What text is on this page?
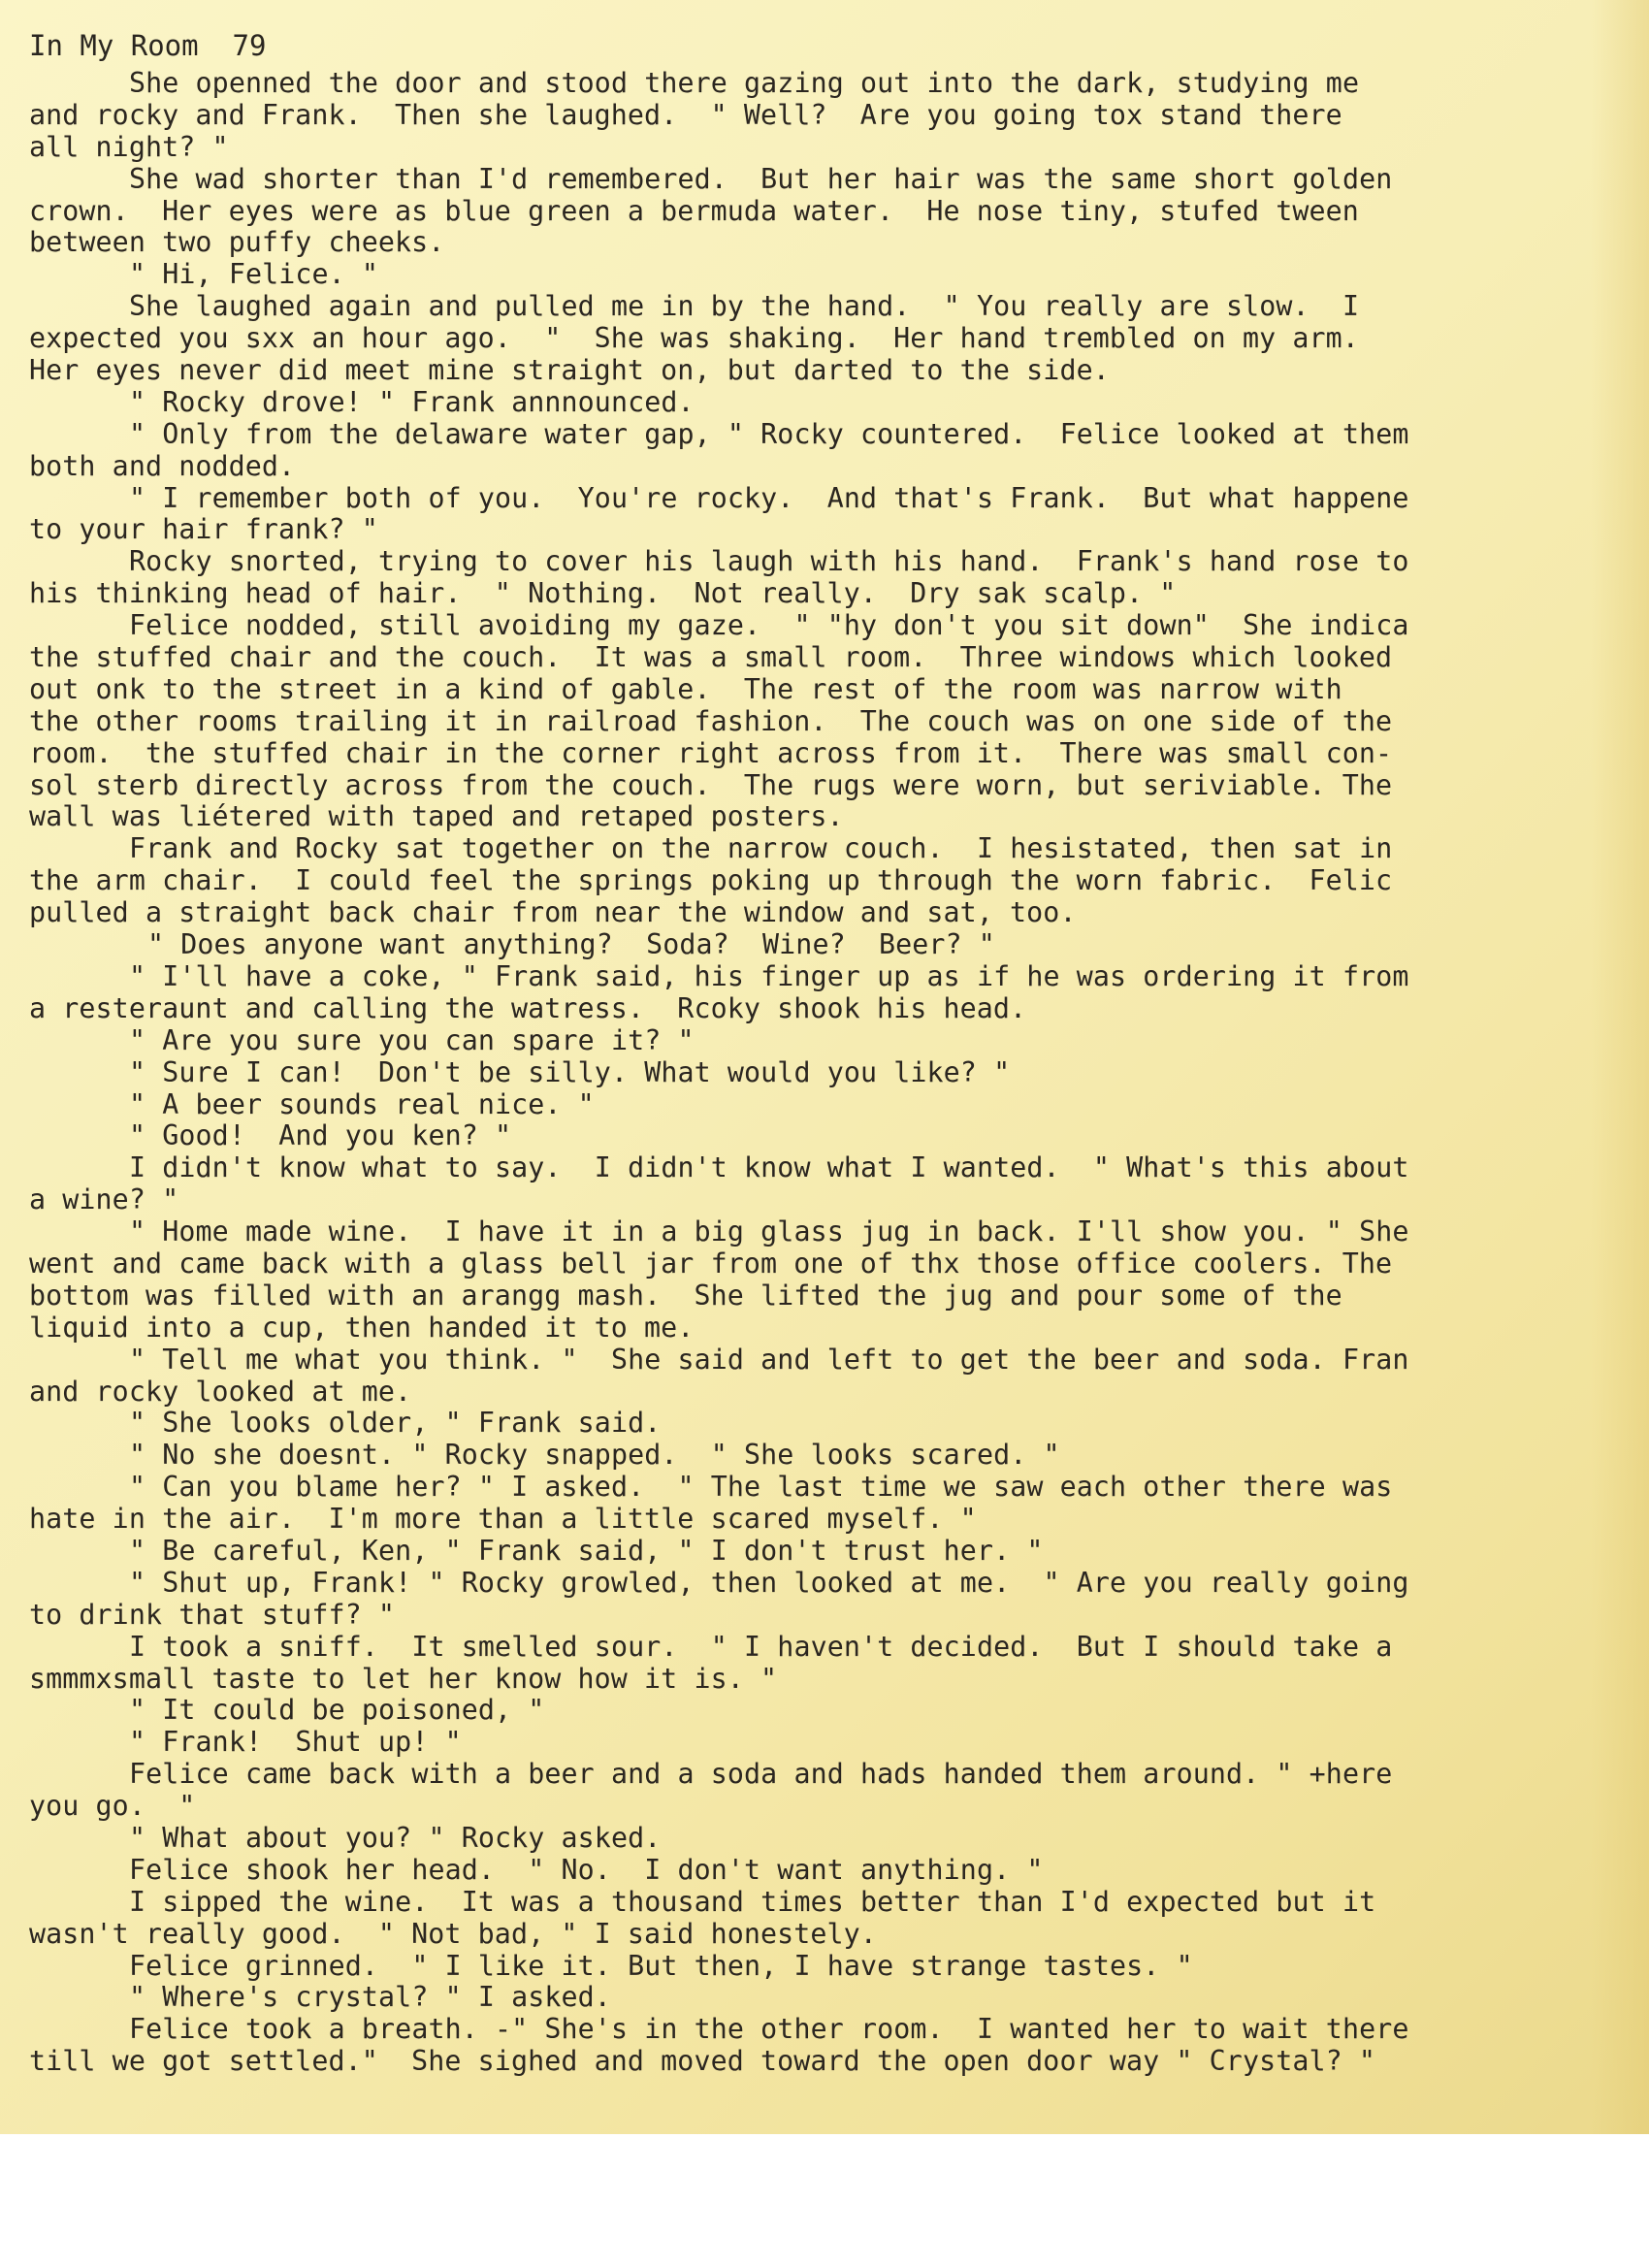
In My Room  79
She openned the door and stood there gazing out into the dark, studying me
and rocky and Frank.  Then she laughed.  " Well?  Are you going tox stand there
all night? "
She wad shorter than I'd remembered.  But her hair was the same short golden
crown.  Her eyes were as blue green a bermuda water.  He nose tiny, stufed tween
between two puffy cheeks.
" Hi, Felice. "
She laughed again and pulled me in by the hand.  " You really are slow.  I
expected you sxx an hour ago.  "  She was shaking.  Her hand trembled on my arm.
Her eyes never did meet mine straight on, but darted to the side.
" Rocky drove! " Frank annnounced.
" Only from the delaware water gap, " Rocky countered.  Felice looked at them
both and nodded.
" I remember both of you.  You're rocky.  And that's Frank.  But what happene
to your hair frank? "
Rocky snorted, trying to cover his laugh with his hand.  Frank's hand rose to
his thinking head of hair.  " Nothing.  Not really.  Dry sak scalp. "
Felice nodded, still avoiding my gaze.  " "hy don't you sit down"  She indica
the stuffed chair and the couch.  It was a small room.  Three windows which looked
out onk to the street in a kind of gable.  The rest of the room was narrow with
the other rooms trailing it in railroad fashion.  The couch was on one side of the
room.  the stuffed chair in the corner right across from it.  There was small con-
sol sterb directly across from the couch.  The rugs were worn, but seriviable. The
wall was liétered with taped and retaped posters.
Frank and Rocky sat together on the narrow couch.  I hesistated, then sat in
the arm chair.  I could feel the springs poking up through the worn fabric.  Felic
pulled a straight back chair from near the window and sat, too.
" Does anyone want anything?  Soda?  Wine?  Beer? "
" I'll have a coke, " Frank said, his finger up as if he was ordering it from
a resteraunt and calling the watress.  Rcoky shook his head.
" Are you sure you can spare it? "
" Sure I can!  Don't be silly. What would you like? "
" A beer sounds real nice. "
" Good!  And you ken? "
I didn't know what to say.  I didn't know what I wanted.  " What's this about
a wine? "
" Home made wine.  I have it in a big glass jug in back. I'll show you. " She
went and came back with a glass bell jar from one of thx those office coolers. The
bottom was filled with an arangg mash.  She lifted the jug and pour some of the
liquid into a cup, then handed it to me.
" Tell me what you think. "  She said and left to get the beer and soda. Fran
and rocky looked at me.
" She looks older, " Frank said.
" No she doesnt. " Rocky snapped.  " She looks scared. "
" Can you blame her? " I asked.  " The last time we saw each other there was
hate in the air.  I'm more than a little scared myself. "
" Be careful, Ken, " Frank said, " I don't trust her. "
" Shut up, Frank! " Rocky growled, then looked at me.  " Are you really going
to drink that stuff? "
I took a sniff.  It smelled sour.  " I haven't decided.  But I should take a
smmmxsmall taste to let her know how it is. "
" It could be poisoned, "
" Frank!  Shut up! "
Felice came back with a beer and a soda and hads handed them around. " +here
you go.  "
" What about you? " Rocky asked.
Felice shook her head.  " No.  I don't want anything. "
I sipped the wine.  It was a thousand times better than I'd expected but it
wasn't really good.  " Not bad, " I said honestely.
Felice grinned.  " I like it. But then, I have strange tastes. "
" Where's crystal? " I asked.
Felice took a breath. -" She's in the other room.  I wanted her to wait there
till we got settled."  She sighed and moved toward the open door way " Crystal? "
